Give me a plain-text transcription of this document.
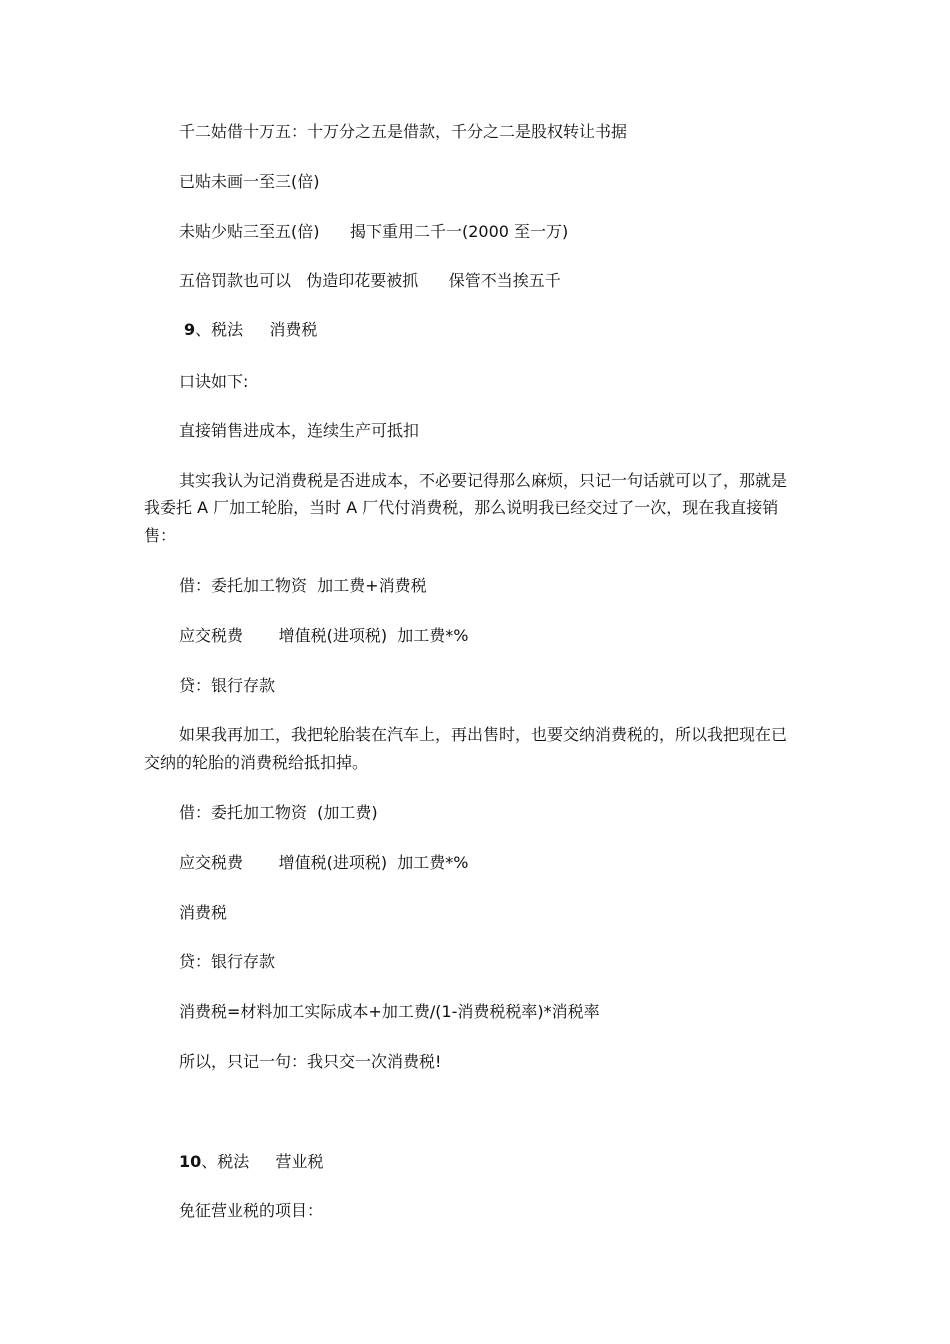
千二姑借十万五：十万分之五是借款，千分之二是股权转让书据
已贴未画一至三(倍)
未贴少贴三至五(倍)      揭下重用二千一(2000 至一万)
五倍罚款也可以   伪造印花要被抓      保管不当挨五千
9、税法 　 消费税
口诀如下:
直接销售进成本，连续生产可抵扣
其实我认为记消费税是否进成本，不必要记得那么麻烦，只记一句话就可以了，那就是
我委托 A 厂加工轮胎，当时 A 厂代付消费税，那么说明我已经交过了一次，现在我直接销
售：
借：委托加工物资  加工费+消费税
应交税费       增值税(进项税)  加工费*%
贷：银行存款
如果我再加工，我把轮胎装在汽车上，再出售时，也要交纳消费税的，所以我把现在已
交纳的轮胎的消费税给抵扣掉。
借：委托加工物资  (加工费)
应交税费       增值税(进项税)  加工费*%
消费税
贷：银行存款
消费税=材料加工实际成本+加工费/(1-消费税税率)*消税率
所以，只记一句：我只交一次消费税!
10、税法 　 营业税
免征营业税的项目：
